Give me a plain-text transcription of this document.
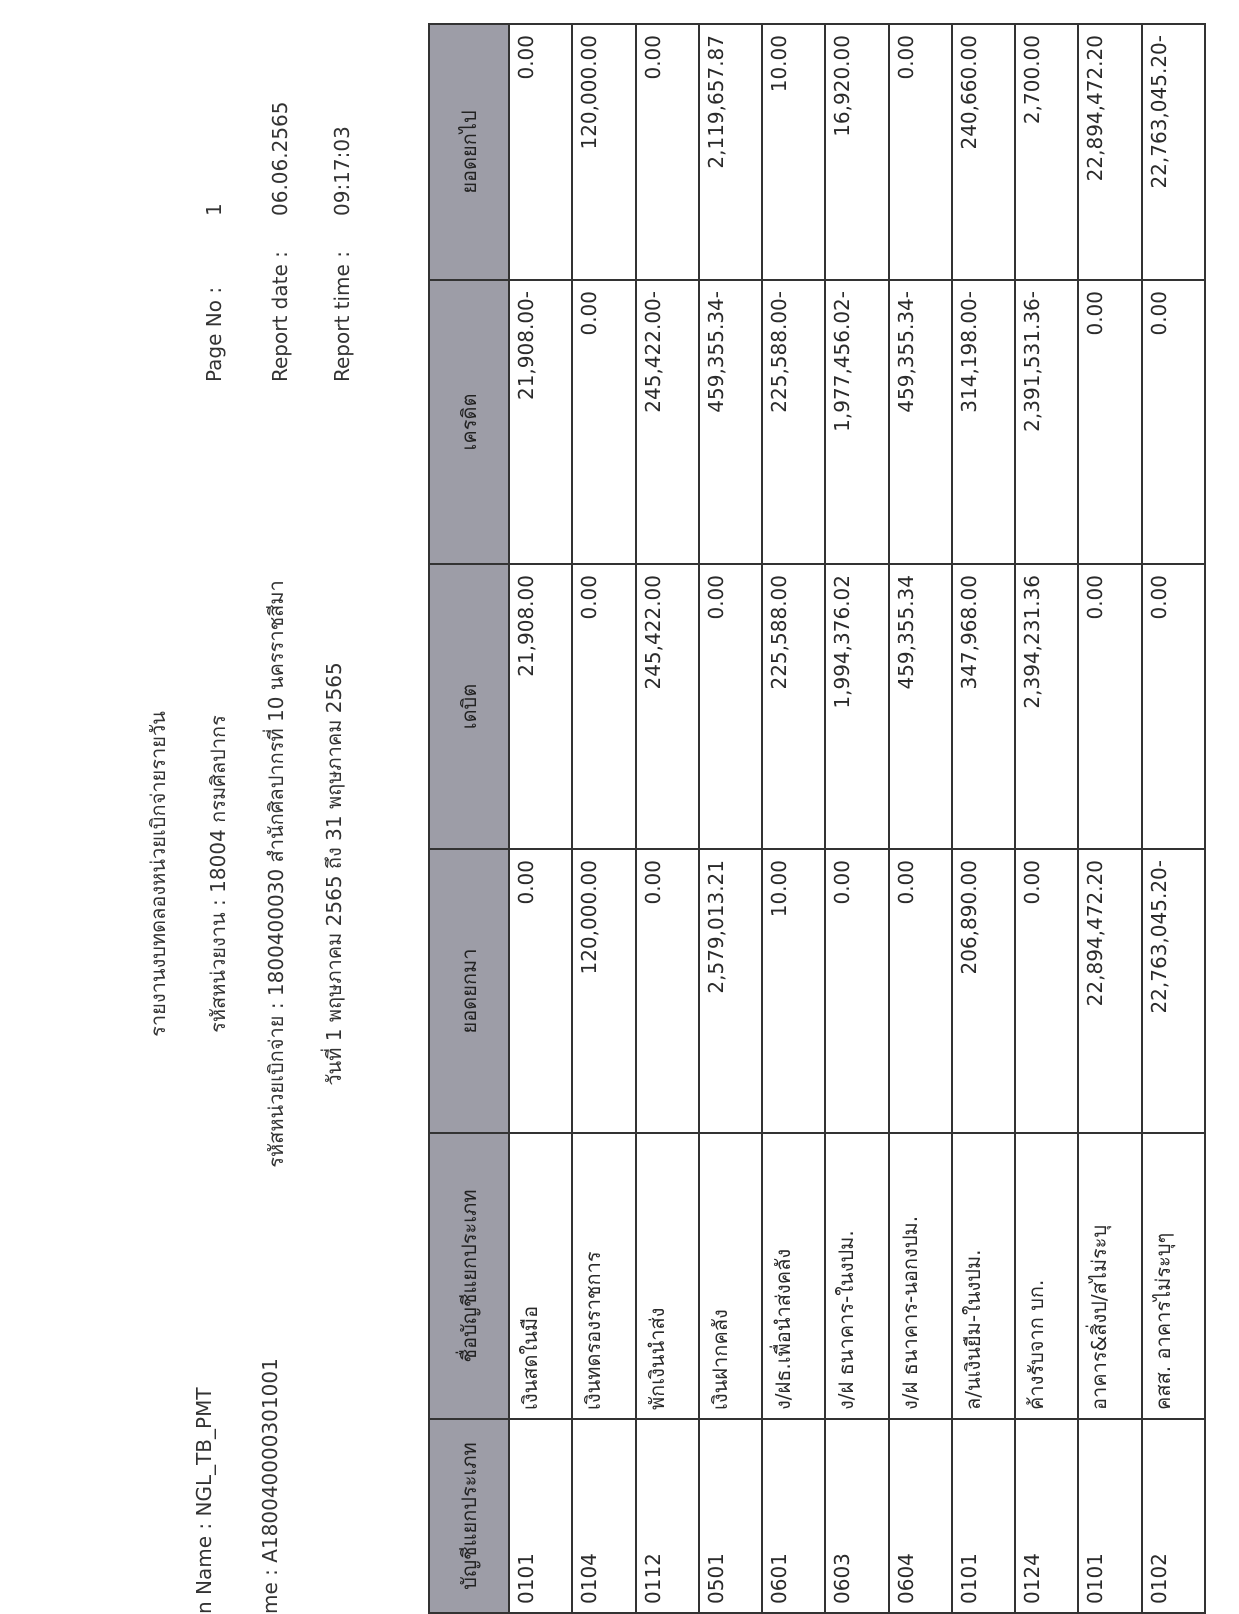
n Name : NGL_TB_PMT me : A180040000301001
รายงานงบทดลองหน่วยเบิกจ่ายรายวัน รหัสหน่วยงาน : 18004 กรมศิลปากร รหัสหน่วยเบิกจ่าย : 1800400030 สำนักศิลปากรที่ 10 นครราชสีมา วันที่ 1 พฤษภาคม 2565 ถึง 31 พฤษภาคม 2565
Page No :
1
Report date :
06.06.2565
Report time :
09:17:03
บัญชีแยกประเภท	ชื่อบัญชีแยกประเภท	ยอดยกมา	เดบิต	เครดิต	ยอดยกไป

0101	เงินสดในมือ	0.00	21,908.00	21,908.00-	0.00

0104	เงินทดรองราชการ	120,000.00	0.00	0.00	120,000.00

0112	พักเงินนำส่ง	0.00	245,422.00	245,422.00-	0.00

0501	เงินฝากคลัง	2,579,013.21	0.00	459,355.34-	2,119,657.87

0601	ง/ฝธ.เพื่อนำส่งคลัง	10.00	225,588.00	225,588.00-	10.00

0603	ง/ฝ ธนาคาร-ในงปม.	0.00	1,994,376.02	1,977,456.02-	16,920.00

0604	ง/ฝ ธนาคาร-นอกงปม.	0.00	459,355.34	459,355.34-	0.00

0101	ล/นเงินยืม-ในงปม.	206,890.00	347,968.00	314,198.00-	240,660.00

0124	ค้างรับจาก บก.	0.00	2,394,231.36	2,391,531.36-	2,700.00

0101	อาคาร&สิ่งป/สไม่ระบุ	22,894,472.20	0.00	0.00	22,894,472.20

0102	คสส. อาคารไม่ระบุๆ	22,763,045.20-	0.00	0.00	22,763,045.20-
